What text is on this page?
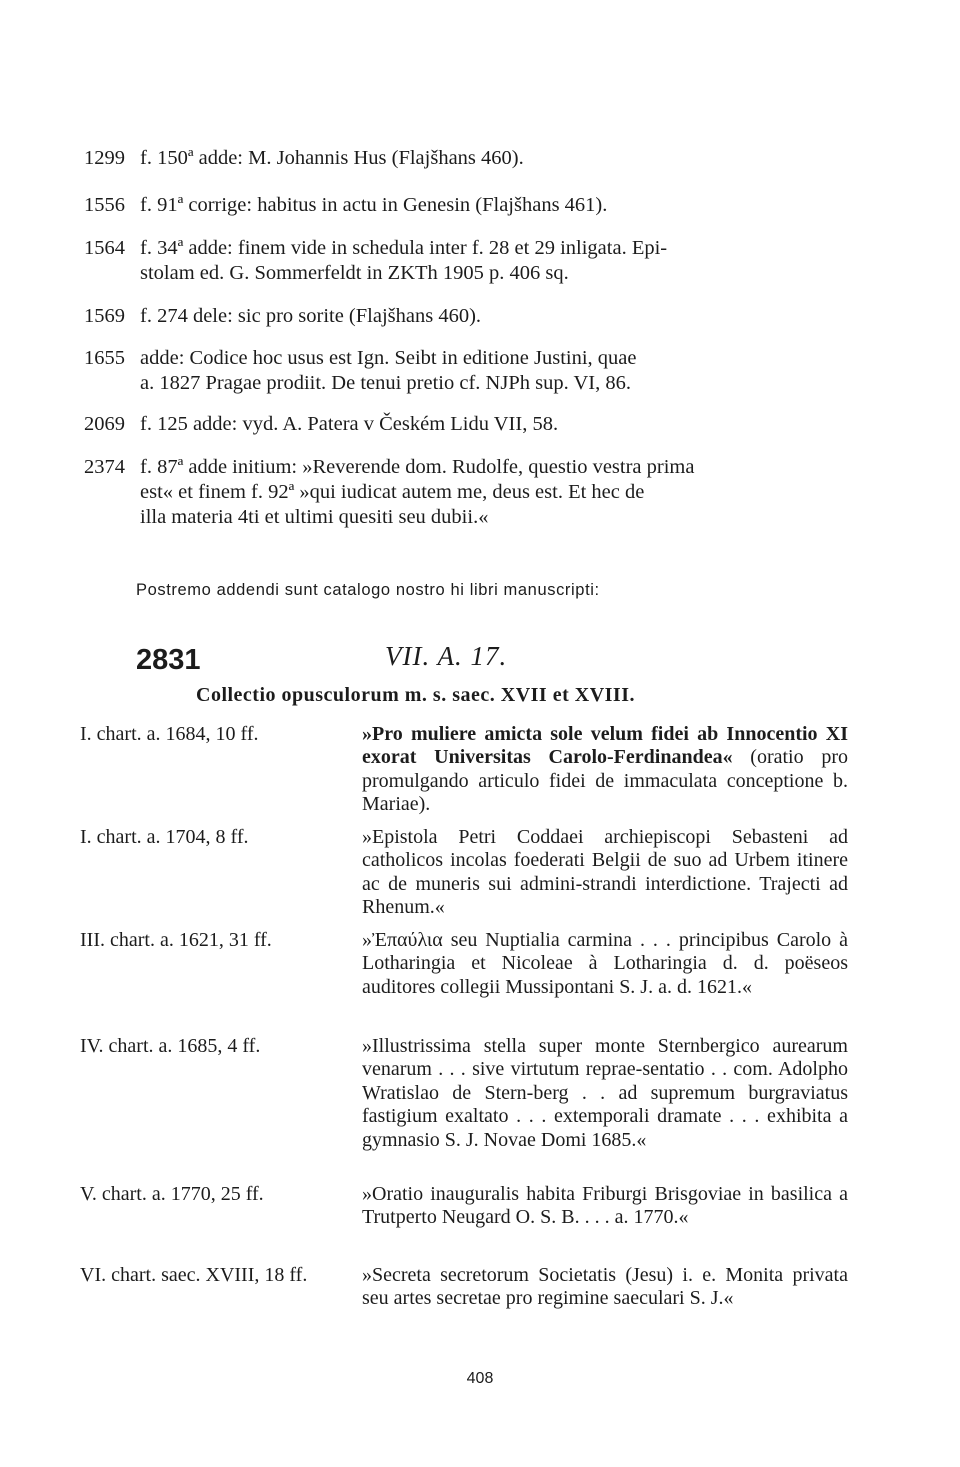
1299 f. 150ª adde: M. Johannis Hus (Flajšhans 460).
1556 f. 91ª corrige: habitus in actu in Genesin (Flajšhans 461).
1564 f. 34ª adde: finem vide in schedula inter f. 28 et 29 inligata. Epi-
stolam ed. G. Sommerfeldt in ZKTh 1905 p. 406 sq.
1569 f. 274 dele: sic pro sorite (Flajšhans 460).
1655 adde: Codice hoc usus est Ign. Seibt in editione Justini, quae
a. 1827 Pragae prodiit. De tenui pretio cf. NJPh sup. VI, 86.
2069 f. 125 adde: vyd. A. Patera v Českém Lidu VII, 58.
2374 f. 87ª adde initium: »Reverende dom. Rudolfe, questio vestra prima
est« et finem f. 92ª »qui iudicat autem me, deus est. Et hec de
illa materia 4ti et ultimi quesiti seu dubii.«
Postremo addendi sunt catalogo nostro hi libri manuscripti:
2831	VII. A. 17.
Collectio opusculorum m. s. saec. XVII et XVIII.
I. chart. a. 1684, 10 ff.	»Pro muliere amicta sole velum fidei ab Innocentio XI exorat Universitas Carolo-Ferdinandea« (oratio pro promulgando articulo fidei de immaculata conceptione b. Mariae).
I. chart. a. 1704, 8 ff.	»Epistola Petri Coddaei archiepiscopi Sebasteni ad catholicos incolas foederati Belgii de suo ad Urbem itinere ac de muneris sui admini-strandi interdictione. Trajecti ad Rhenum.«
III. chart. a. 1621, 31 ff.	»Ἐπαύλια seu Nuptialia carmina . . . principibus Carolo à Lotharingia et Nicoleae à Lotharingia d. d. poëseos auditores collegii Mussipontani S. J. a. d. 1621.«
IV. chart. a. 1685, 4 ff.	»Illustrissima stella super monte Sternbergico aurearum venarum . . . sive virtutum reprae-sentatio . . com. Adolpho Wratislao de Stern-berg . . ad supremum burgraviatus fastigium exaltato . . . extemporali dramate . . . exhibita a gymnasio S. J. Novae Domi 1685.«
V. chart. a. 1770, 25 ff.	»Oratio inauguralis habita Friburgi Brisgoviae in basilica a Trutperto Neugard O. S. B. . . . a. 1770.«
VI. chart. saec. XVIII, 18 ff.	»Secreta secretorum Societatis (Jesu) i. e. Monita privata seu artes secretae pro regimine saeculari S. J.«
408
